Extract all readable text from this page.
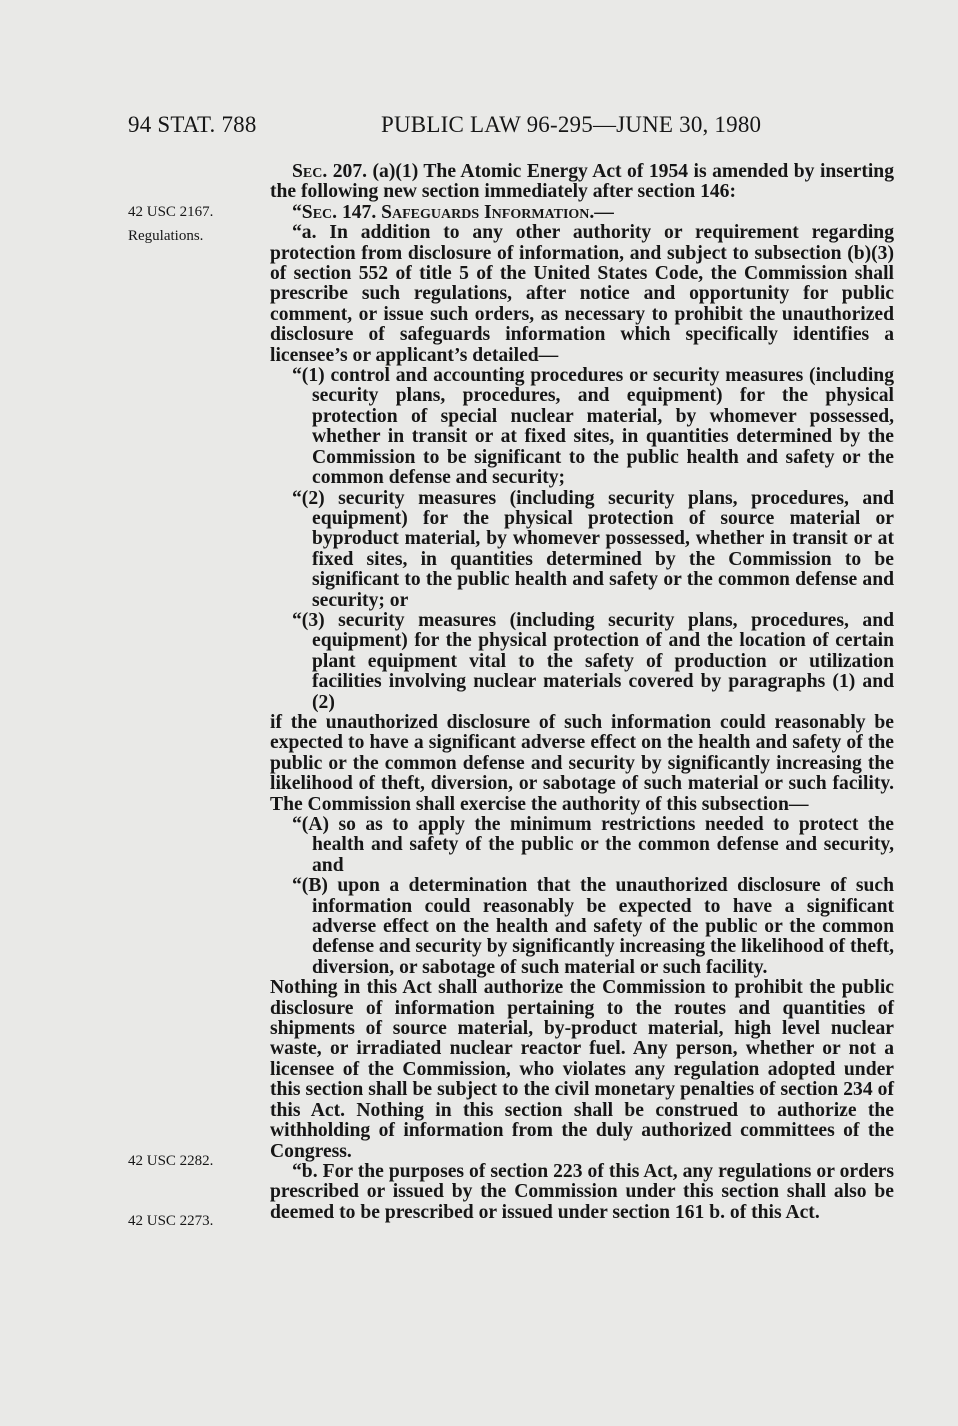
94 STAT. 788	PUBLIC LAW 96-295—JUNE 30, 1980
42 USC 2167.
Regulations.
42 USC 2282.
42 USC 2273.

Sec. 207. (a)(1) The Atomic Energy Act of 1954 is amended by inserting the following new section immediately after section 146:

“Sec. 147. Safeguards Information.—

“a. In addition to any other authority or requirement regarding protection from disclosure of information, and subject to subsection (b)(3) of section 552 of title 5 of the United States Code, the Commission shall prescribe such regulations, after notice and opportunity for public comment, or issue such orders, as necessary to prohibit the unauthorized disclosure of safeguards information which specifically identifies a licensee’s or applicant’s detailed—

“(1) control and accounting procedures or security measures (including security plans, procedures, and equipment) for the physical protection of special nuclear material, by whomever possessed, whether in transit or at fixed sites, in quantities determined by the Commission to be significant to the public health and safety or the common defense and security;

“(2) security measures (including security plans, procedures, and equipment) for the physical protection of source material or byproduct material, by whomever possessed, whether in transit or at fixed sites, in quantities determined by the Commission to be significant to the public health and safety or the common defense and security; or

“(3) security measures (including security plans, procedures, and equipment) for the physical protection of and the location of certain plant equipment vital to the safety of production or utilization facilities involving nuclear materials covered by paragraphs (1) and (2)

if the unauthorized disclosure of such information could reasonably be expected to have a significant adverse effect on the health and safety of the public or the common defense and security by significantly increasing the likelihood of theft, diversion, or sabotage of such material or such facility. The Commission shall exercise the authority of this subsection—

“(A) so as to apply the minimum restrictions needed to protect the health and safety of the public or the common defense and security, and

“(B) upon a determination that the unauthorized disclosure of such information could reasonably be expected to have a significant adverse effect on the health and safety of the public or the common defense and security by significantly increasing the likelihood of theft, diversion, or sabotage of such material or such facility.

Nothing in this Act shall authorize the Commission to prohibit the public disclosure of information pertaining to the routes and quantities of shipments of source material, by-product material, high level nuclear waste, or irradiated nuclear reactor fuel. Any person, whether or not a licensee of the Commission, who violates any regulation adopted under this section shall be subject to the civil monetary penalties of section 234 of this Act. Nothing in this section shall be construed to authorize the withholding of information from the duly authorized committees of the Congress.

“b. For the purposes of section 223 of this Act, any regulations or orders prescribed or issued by the Commission under this section shall also be deemed to be prescribed or issued under section 161 b. of this Act.
